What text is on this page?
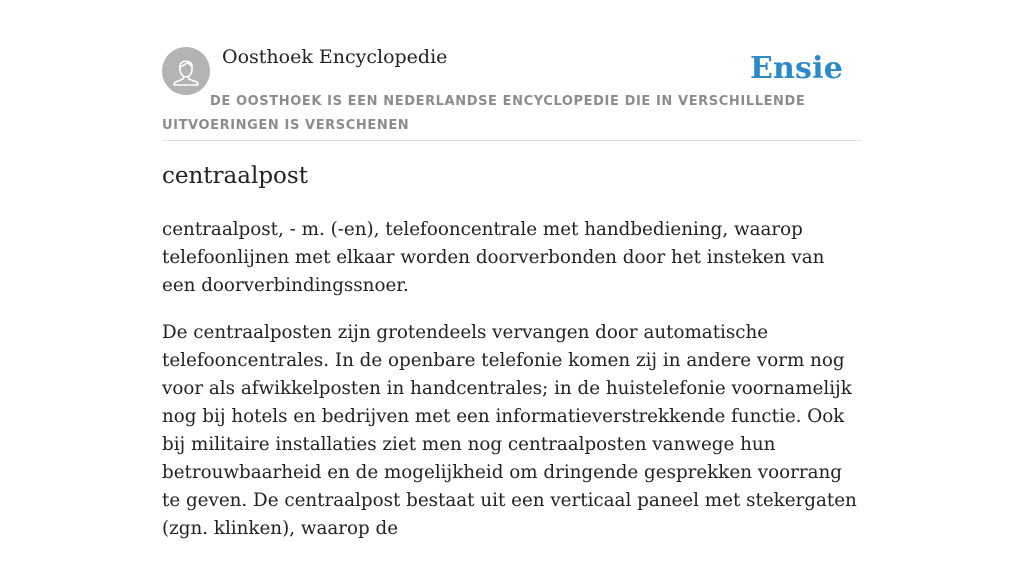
Oosthoek Encyclopedie	Ensie
DE OOSTHOEK IS EEN NEDERLANDSE ENCYCLOPEDIE DIE IN VERSCHILLENDE UITVOERINGEN IS VERSCHENEN
centraalpost

centraalpost, - m. (-en), telefooncentrale met handbediening, waarop telefoonlijnen met elkaar worden doorverbonden door het insteken van een doorverbindingssnoer.

De centraalposten zijn grotendeels vervangen door automatische telefooncentrales. In de openbare telefonie komen zij in andere vorm nog voor als afwikkelposten in handcentrales; in de huistelefonie voornamelijk nog bij hotels en bedrijven met een informatieverstrekkende functie. Ook bij militaire installaties ziet men nog centraalposten vanwege hun betrouwbaarheid en de mogelijkheid om dringende gesprekken voorrang te geven. De centraalpost bestaat uit een verticaal paneel met stekergaten (zgn. klinken), waarop de
